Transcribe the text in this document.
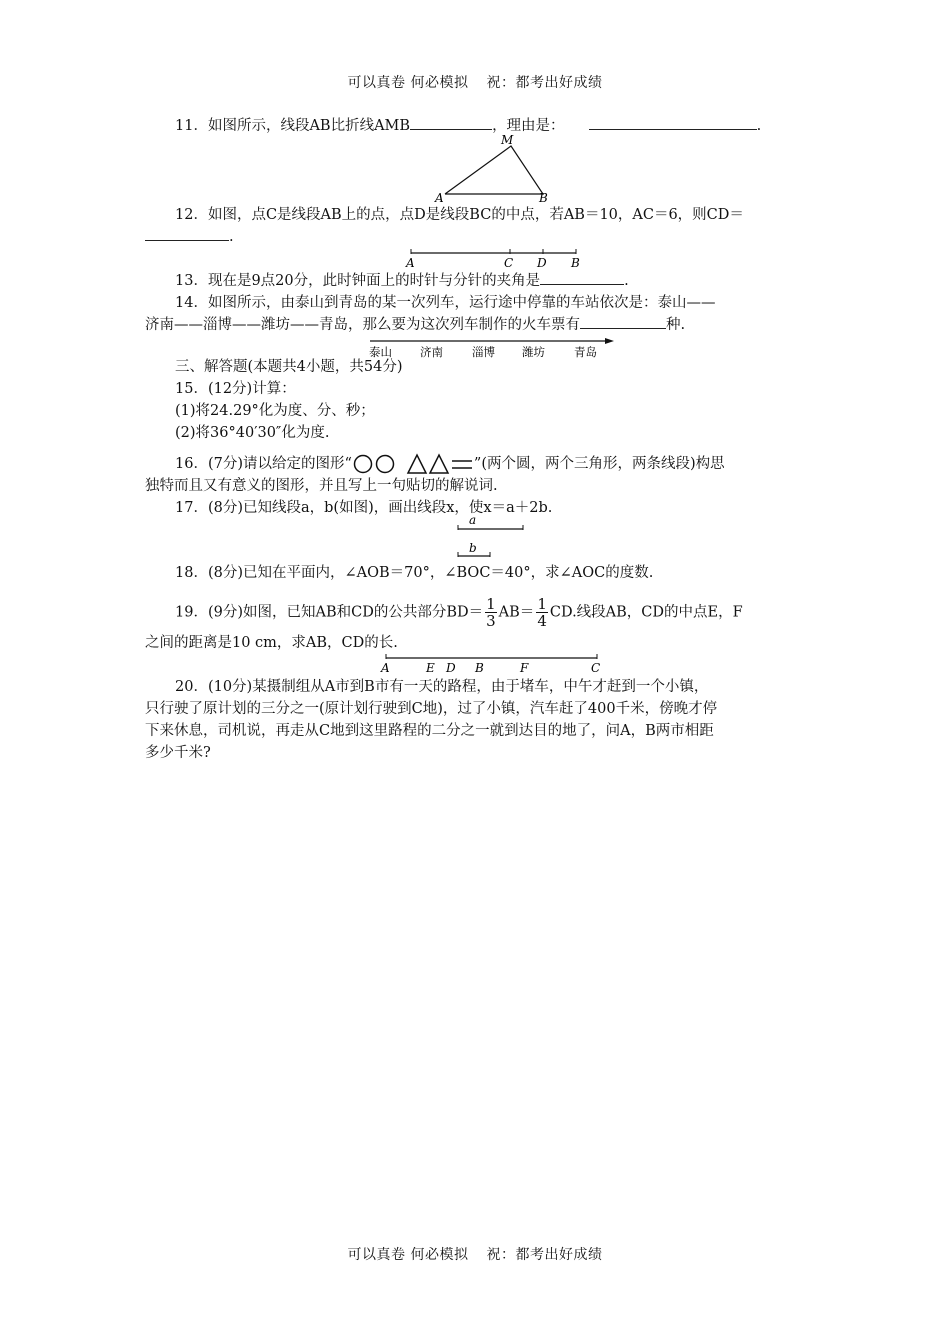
可以真卷 何必模拟 祝：都考出好成绩
11．如图所示，线段AB比折线AMB	，理由是：	.
M
A	B
12．如图，点C是线段AB上的点，点D是线段BC的中点，若AB＝10，AC＝6，则CD＝
.
A	C D B
13．现在是9点20分，此时钟面上的时针与分针的夹角是	.
14．如图所示，由泰山到青岛的某一次列车，运行途中停靠的车站依次是：泰山——
济南——淄博——潍坊——青岛，那么要为这次列车制作的火车票有	种.
泰山 济南	淄博 潍坊	青岛
三、解答题(本题共4小题，共54分)
15．(12分)计算：
(1)将24.29°化为度、分、秒；
(2)将36°40′30″化为度.
16．(7分)请以给定的图形“	”(两个圆，两个三角形，两条线段)构思
独特而且又有意义的图形，并且写上一句贴切的解说词.
17．(8分)已知线段a，b(如图)，画出线段x，使x＝a＋2b.
a
b
18．(8分)已知在平面内，∠AOB＝70°，∠BOC＝40°，求∠AOC的度数.
19．(9分)如图，已知AB和CD的公共部分$BD= \frac{1}{3} AB= \frac{1}{4}$ CD.线段AB，CD的中点E，F
之间的距离是10 cm，求AB，CD的长.
A	E D B	F	C
20．(10分)某摄制组从A市到B市有一天的路程，由于堵车，中午才赶到一个小镇，
只行驶了原计划的三分之一(原计划行驶到C地)，过了小镇，汽车赶了400千米，傍晚才停
下来休息，司机说，再走从C地到这里路程的二分之一就到达目的地了，问A，B两市相距
多少千米?
可以真卷 何必模拟 祝：都考出好成绩
